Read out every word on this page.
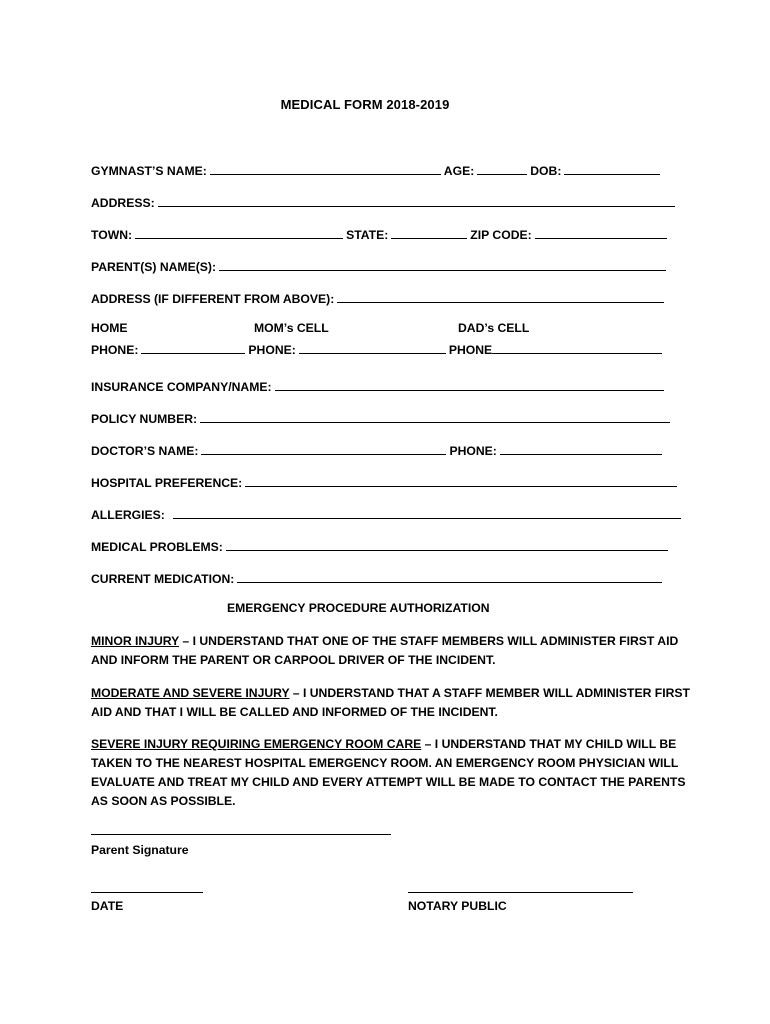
MEDICAL FORM 2018-2019
GYMNAST’S NAME:	AGE:	DOB:
ADDRESS:
TOWN:	STATE:	ZIP CODE:
PARENT(S) NAME(S):
ADDRESS (IF DIFFERENT FROM ABOVE):
HOME	MOM’s CELL	DAD’s CELL
PHONE:	PHONE:	PHONE
INSURANCE COMPANY/NAME:
POLICY NUMBER:
DOCTOR’S NAME:	PHONE:
HOSPITAL PREFERENCE:
ALLERGIES:
MEDICAL PROBLEMS:
CURRENT MEDICATION:
EMERGENCY PROCEDURE AUTHORIZATION
MINOR INJURY – I UNDERSTAND THAT ONE OF THE STAFF MEMBERS WILL ADMINISTER FIRST AID AND INFORM THE PARENT OR CARPOOL DRIVER OF THE INCIDENT.
MODERATE AND SEVERE INJURY – I UNDERSTAND THAT A STAFF MEMBER WILL ADMINISTER FIRST AID AND THAT I WILL BE CALLED AND INFORMED OF THE INCIDENT.
SEVERE INJURY REQUIRING EMERGENCY ROOM CARE – I UNDERSTAND THAT MY CHILD WILL BE TAKEN TO THE NEAREST HOSPITAL EMERGENCY ROOM. AN EMERGENCY ROOM PHYSICIAN WILL EVALUATE AND TREAT MY CHILD AND EVERY ATTEMPT WILL BE MADE TO CONTACT THE PARENTS AS SOON AS POSSIBLE.
Parent Signature
DATE	NOTARY PUBLIC
